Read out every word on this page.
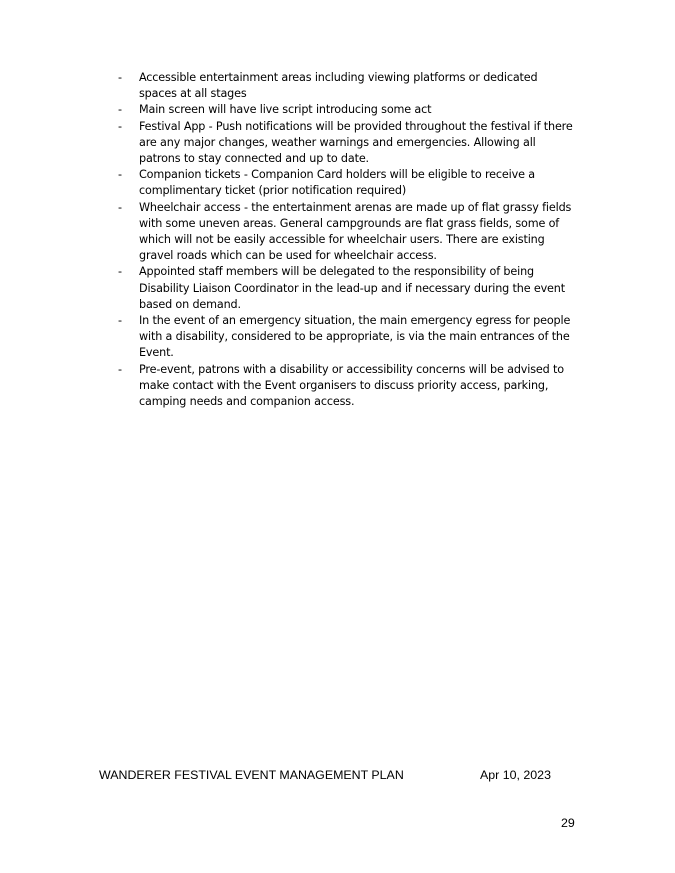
- Accessible entertainment areas including viewing platforms or dedicated spaces at all stages
- Main screen will have live script introducing some act
- Festival App - Push notifications will be provided throughout the festival if there are any major changes, weather warnings and emergencies. Allowing all patrons to stay connected and up to date.
- Companion tickets - Companion Card holders will be eligible to receive a complimentary ticket (prior notification required)
- Wheelchair access - the entertainment arenas are made up of flat grassy fields with some uneven areas. General campgrounds are flat grass fields, some of which will not be easily accessible for wheelchair users. There are existing gravel roads which can be used for wheelchair access.
- Appointed staff members will be delegated to the responsibility of being Disability Liaison Coordinator in the lead-up and if necessary during the event based on demand.
- In the event of an emergency situation, the main emergency egress for people with a disability, considered to be appropriate, is via the main entrances of the Event.
- Pre-event, patrons with a disability or accessibility concerns will be advised to make contact with the Event organisers to discuss priority access, parking, camping needs and companion access.
WANDERER FESTIVAL EVENT MANAGEMENT PLAN	Apr 10, 2023
29
